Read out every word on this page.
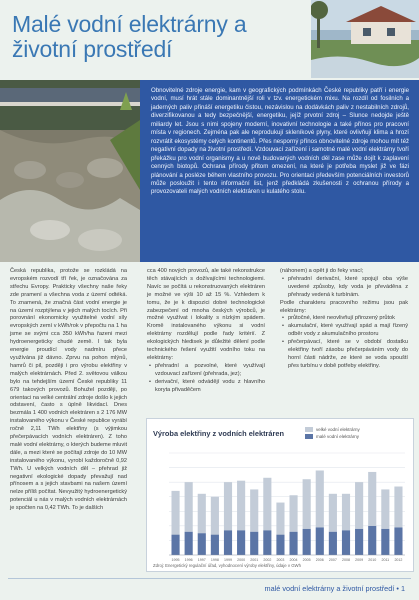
Malé vodní elektrárny a životní prostředí
Obnovitelné zdroje energie, kam v geografických podmínkách České republiky patří i energie vodní, musí hrát stále dominantnější roli v tzv. energetickém mixu. Na rozdíl od fosilních a jaderných paliv přináší energetiku čistou, nezávislou na dodávkách paliv z nestabilních zdrojů, diverzifikovanou a tedy bezpečnější, energetiku, jejíž prvotní zdroj – Slunce nedojde ještě miliardy let. Jsou s nimi spojeny moderní, inovativní technologie a také přínos pro pracovní místa v regionech. Zejména pak ale neprodukují skleníkové plyny, které ovlivňují klima a hrozí rozvrátit ekosystémy celých kontinentů. Přes nesporný přínos obnovitelné zdroje mohou mít též negativní dopady na životní prostředí. Vzdouvací zařízení i samotné malé vodní elektrárny tvoří překážku pro vodní organismy a u nově budovaných vodních děl zase může dojít k zaplavení cenných biotopů. Ochrana přírody přitom omezení, na které je potřeba myslet již ve fázi plánování a posléze během vlastního provozu. Pro orientaci především potenciálních investorů může posloužit i tento informační list, jenž předkládá zkušenosti z ochranou přírody a provozovateli malých vodních elektráren u kulatého stolu.

Česká republika, protože se rozkládá na evropském rozvodí tří řek, je označována za střechu Evropy. Prakticky všechny naše řeky zde pramení a všechna voda z území odtéká. To znamená, že značná část vodní energie je na území rozptýlena v jejich malých tocích. Při porovnání ekonomicky využitelné vodní síly evropských zemí v kWh/rok v přepočtu na 1 ha jsme se svými cca 350 kWh/ha řazeni mezi hydroenergeticky chudé země. I tak byla energie proudící vody nadmíru přece využívána již dávno. Zprvu na pohon mlýnů, hamrů či pil, později i pro výrobu elektřiny v malých elektrárnách. Před 2. světovou válkou bylo na tehdejším území České republiky 11 679 takových provozů. Bohužel později, po orientaci na velké centrální zdroje došlo k jejich odstavení, často s úplně likvidací. Dnes bezmála 1 400 vodních elektráren s 2 176 MW instalovaného výkonu v České republice vyrábí ročně 2,11 TWh elektřiny (s výjimkou přečerpávacích vodních elektráren). Z toho malé vodní elektrárny, o kterých budeme mluvit dále, a mezi které se počítají zdroje do 10 MW instalovaného výkonu, vyrobí každoročně 0,92 TWh. U velkých vodních děl – přehrad již negativní ekologické dopady převažují nad přínosem a s jejich stavbami na našem území nelze příliš počítat. Nevyužitý hydroenergetický potenciál u nás v malých vodních elektrárnách je spočten na 0,42 TWh. To je dalších

cca 400 nových provozů, ale také rekonstrukce těch stávajících s dožívajícími technologiemi. Navíc se počítá u rekonstruovaných elektráren je možné ve výši 10 až 15 %. Vzhledem k tomu, že je k dispozici dobré technologické zabezpečení od mnoha českých výrobců, je možné využívat i lokality s nízkým spádem. Kromě instalovaného výkonu si vodní elektrárny rozdělují podle řady kritérií. Z ekologických hledisek je důležité dělení podle technického řešení využití vodního toku na elektrárny:

• přehradní a pozvolné, které využívají vzdouvací zařízení (přehrada, jez);
• derivační, které odvádějí vodu z hlavního koryta přivaděčem

(náhonem) a opět ji do řeky vrací;

• přehradní derivační, které spojují oba výše uvedené způsoby, kdy voda je převáděna z přehrady vedená k turbínám.

Podle charakteru pracovního režimu jsou pak elektrárny:

• průtočné, které neovlivňují přirozený průtok
• akumulační, které využívají spád a mají řízený odběr vody z akumulačního prostoru
• přečerpávací, které se v období dostatku elektřiny tvoří zásobu přečerpáváním vody do horní části nádrže, ze které se voda spouští přes turbínu v době potřeby elektřiny.
Výroba elektřiny z vodních elektráren	velké vodní elektrárny
malé vodní elektrárny
1995 1996 1997 1998 1999 2000 2001 2002 2003 2004 2005 2006 2007 2008 2009 2010 2011 2012
Zdroj: Energetický regulační úřad, vyhodnocení výroby elektřiny, údaje v GWh
malé vodní elektrárny a životní prostředí • 1
